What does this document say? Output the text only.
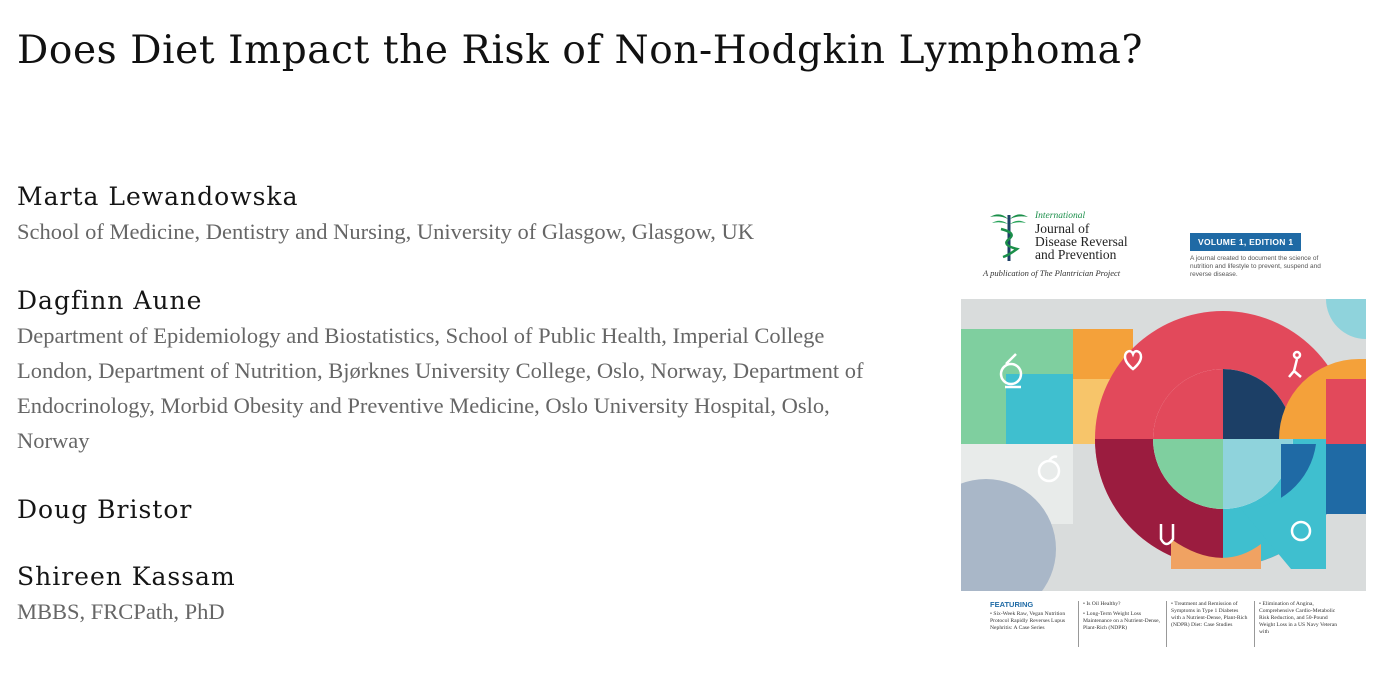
Does Diet Impact the Risk of Non-Hodgkin Lymphoma?

Marta Lewandowska

School of Medicine, Dentistry and Nursing, University of Glasgow, Glasgow, UK

Dagfinn Aune

Department of Epidemiology and Biostatistics, School of Public Health, Imperial College London, Department of Nutrition, Bjørknes University College, Oslo, Norway, Department of Endocrinology, Morbid Obesity and Preventive Medicine, Oslo University Hospital, Oslo, Norway

Doug Bristor

Shireen Kassam

MBBS, FRCPath, PhD

International
Journal of
Disease Reversal
and Prevention
A publication of The Plantrician Project
VOLUME 1, EDITION 1
A journal created to document the science of nutrition and lifestyle to prevent, suspend and reverse disease.
FEATURING
• Six-Week Raw, Vegan Nutrition Protocol Rapidly Reverses Lupus Nephritis: A Case Series
• Is Oil Healthy?
• Long-Term Weight Loss Maintenance on a Nutrient-Dense, Plant-Rich (NDPR)
• Treatment and Remission of Symptoms in Type 1 Diabetes with a Nutrient-Dense, Plant-Rich (NDPR) Diet: Case Studies
• Elimination of Angina, Comprehensive Cardio-Metabolic Risk Reduction, and 50-Pound Weight Loss in a US Navy Veteran with
